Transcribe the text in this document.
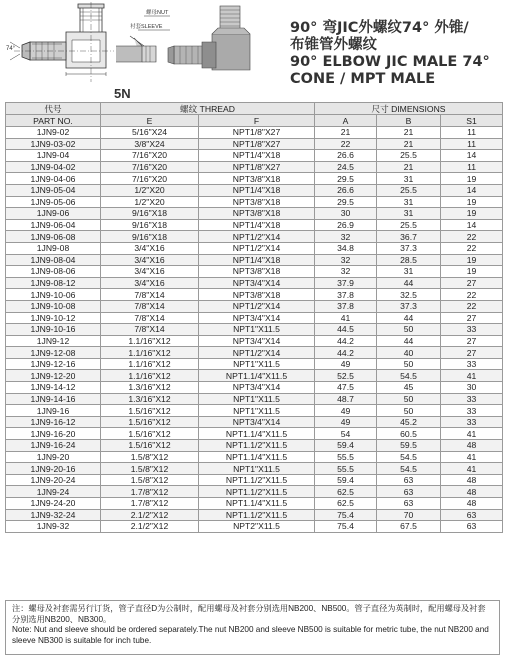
74°
螺母NUT
衬套SLEEVE	90° 弯JIC外螺纹74° 外锥/
布锥管外螺纹
90° ELBOW JIC MALE 74°
CONE / MPT MALE
5N
代号	螺纹 THREAD		尺寸 DIMENSIONS		
PART NO.	E	F	A	B	S1
1JN9-02	5/16"X24	NPT1/8"X27	21	21	11
1JN9-03-02	3/8"X24	NPT1/8"X27	22	21	11
1JN9-04	7/16"X20	NPT1/4"X18	26.6	25.5	14
1JN9-04-02	7/16"X20	NPT1/8"X27	24.5	21	11
1JN9-04-06	7/16"X20	NPT3/8"X18	29.5	31	19
1JN9-05-04	1/2"X20	NPT1/4"X18	26.6	25.5	14
1JN9-05-06	1/2"X20	NPT3/8"X18	29.5	31	19
1JN9-06	9/16"X18	NPT3/8"X18	30	31	19
1JN9-06-04	9/16"X18	NPT1/4"X18	26.9	25.5	14
1JN9-06-08	9/16"X18	NPT1/2"X14	32	36.7	22
1JN9-08	3/4"X16	NPT1/2"X14	34.8	37.3	22
1JN9-08-04	3/4"X16	NPT1/4"X18	32	28.5	19
1JN9-08-06	3/4"X16	NPT3/8"X18	32	31	19
1JN9-08-12	3/4"X16	NPT3/4"X14	37.9	44	27
1JN9-10-06	7/8"X14	NPT3/8"X18	37.8	32.5	22
1JN9-10-08	7/8"X14	NPT1/2"X14	37.8	37.3	22
1JN9-10-12	7/8"X14	NPT3/4"X14	41	44	27
1JN9-10-16	7/8"X14	NPT1"X11.5	44.5	50	33
1JN9-12	1.1/16"X12	NPT3/4"X14	44.2	44	27
1JN9-12-08	1.1/16"X12	NPT1/2"X14	44.2	40	27
1JN9-12-16	1.1/16"X12	NPT1"X11.5	49	50	33
1JN9-12-20	1.1/16"X12	NPT1.1/4"X11.5	52.5	54.5	41
1JN9-14-12	1.3/16"X12	NPT3/4"X14	47.5	45	30
1JN9-14-16	1.3/16"X12	NPT1"X11.5	48.7	50	33
1JN9-16	1.5/16"X12	NPT1"X11.5	49	50	33
1JN9-16-12	1.5/16"X12	NPT3/4"X14	49	45.2	33
1JN9-16-20	1.5/16"X12	NPT1.1/4"X11.5	54	60.5	41
1JN9-16-24	1.5/16"X12	NPT1.1/2"X11.5	59.4	59.5	48
1JN9-20	1.5/8"X12	NPT1.1/4"X11.5	55.5	54.5	41
1JN9-20-16	1.5/8"X12	NPT1"X11.5	55.5	54.5	41
1JN9-20-24	1.5/8"X12	NPT1.1/2"X11.5	59.4	63	48
1JN9-24	1.7/8"X12	NPT1.1/2"X11.5	62.5	63	48
1JN9-24-20	1.7/8"X12	NPT1.1/4"X11.5	62.5	63	48
1JN9-32-24	2.1/2"X12	NPT1.1/2"X11.5	75.4	70	63
1JN9-32	2.1/2"X12	NPT2"X11.5	75.4	67.5	63
注：螺母及衬套需另行订货，管子直径D为公制时，配用螺母及衬套分别选用NB200、NB500。管子直径为英制时，配用螺母及衬套分别选用NB200、NB300。
Note: Nut and sleeve should be ordered separately.The nut NB200 and sleeve NB500 is suitable for metric tube, the nut NB200 and sleeve NB300 is suitable for inch tube.
